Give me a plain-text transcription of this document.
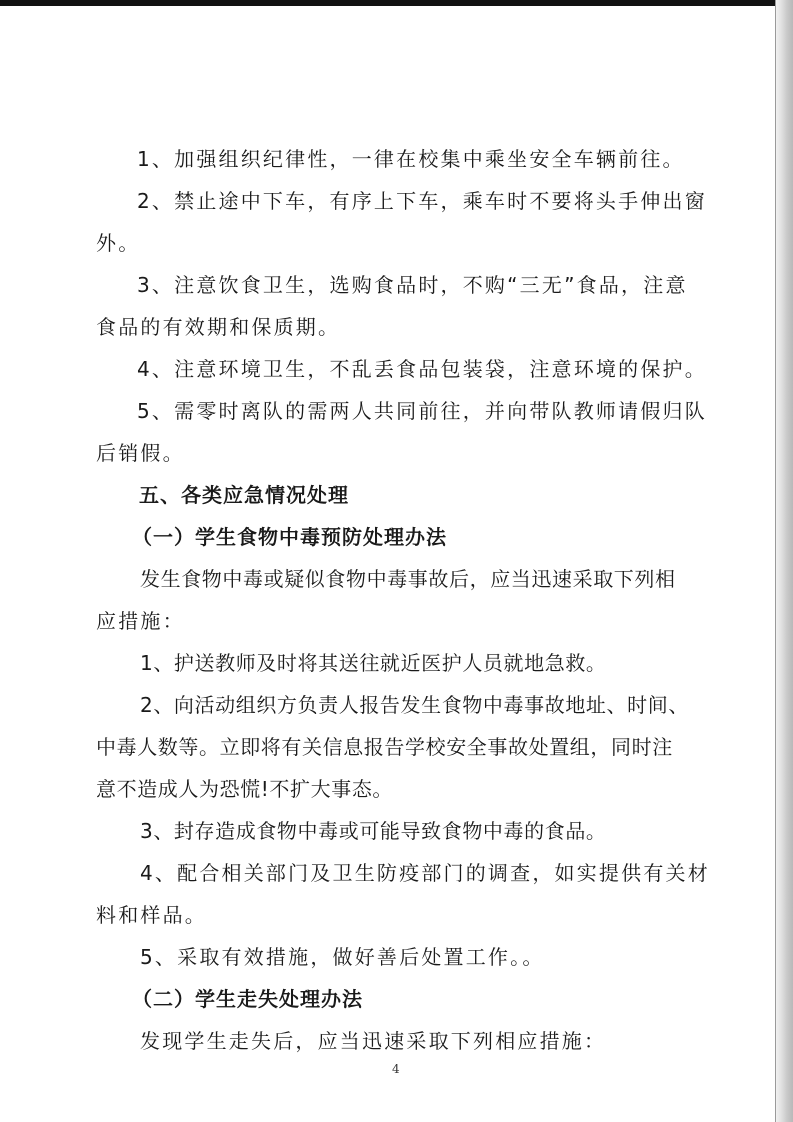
1、加强组织纪律性，一律在校集中乘坐安全车辆前往。

2、禁止途中下车，有序上下车，乘车时不要将头手伸出窗

外。

3、注意饮食卫生，选购食品时，不购“三无”食品，注意

食品的有效期和保质期。

4、注意环境卫生，不乱丢食品包装袋，注意环境的保护。

5、需零时离队的需两人共同前往，并向带队教师请假归队

后销假。

五、各类应急情况处理

（一）学生食物中毒预防处理办法

发生食物中毒或疑似食物中毒事故后，应当迅速采取下列相

应措施：

1、护送教师及时将其送往就近医护人员就地急救。

2、向活动组织方负责人报告发生食物中毒事故地址、时间、

中毒人数等。立即将有关信息报告学校安全事故处置组，同时注

意不造成人为恐慌!不扩大事态。

3、封存造成食物中毒或可能导致食物中毒的食品。

4、配合相关部门及卫生防疫部门的调查，如实提供有关材

料和样品。

5、采取有效措施，做好善后处置工作。。

（二）学生走失处理办法

发现学生走失后，应当迅速采取下列相应措施：

4
